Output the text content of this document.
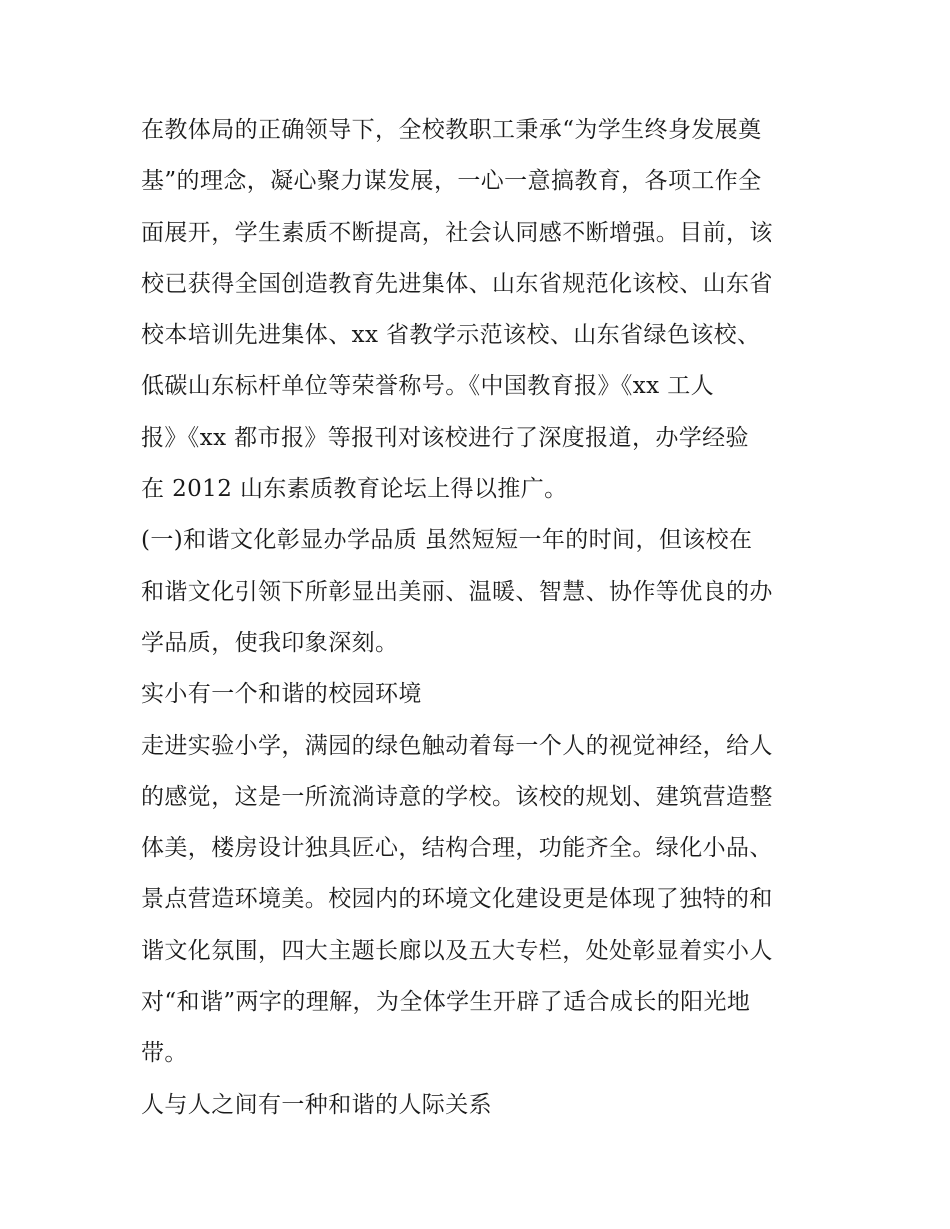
在教体局的正确领导下，全校教职工秉承“为学生终身发展奠
基”的理念，凝心聚力谋发展，一心一意搞教育，各项工作全
面展开，学生素质不断提高，社会认同感不断增强。目前，该
校已获得全国创造教育先进集体、山东省规范化该校、山东省
校本培训先进集体、xx 省教学示范该校、山东省绿色该校、
低碳山东标杆单位等荣誉称号。《中国教育报》《xx 工人
报》《xx 都市报》等报刊对该校进行了深度报道，办学经验
在 2012 山东素质教育论坛上得以推广。
(一)和谐文化彰显办学品质 虽然短短一年的时间，但该校在
和谐文化引领下所彰显出美丽、温暖、智慧、协作等优良的办
学品质，使我印象深刻。
实小有一个和谐的校园环境
走进实验小学，满园的绿色触动着每一个人的视觉神经，给人
的感觉，这是一所流淌诗意的学校。该校的规划、建筑营造整
体美，楼房设计独具匠心，结构合理，功能齐全。绿化小品、
景点营造环境美。校园内的环境文化建设更是体现了独特的和
谐文化氛围，四大主题长廊以及五大专栏，处处彰显着实小人
对“和谐”两字的理解，为全体学生开辟了适合成长的阳光地
带。
人与人之间有一种和谐的人际关系
